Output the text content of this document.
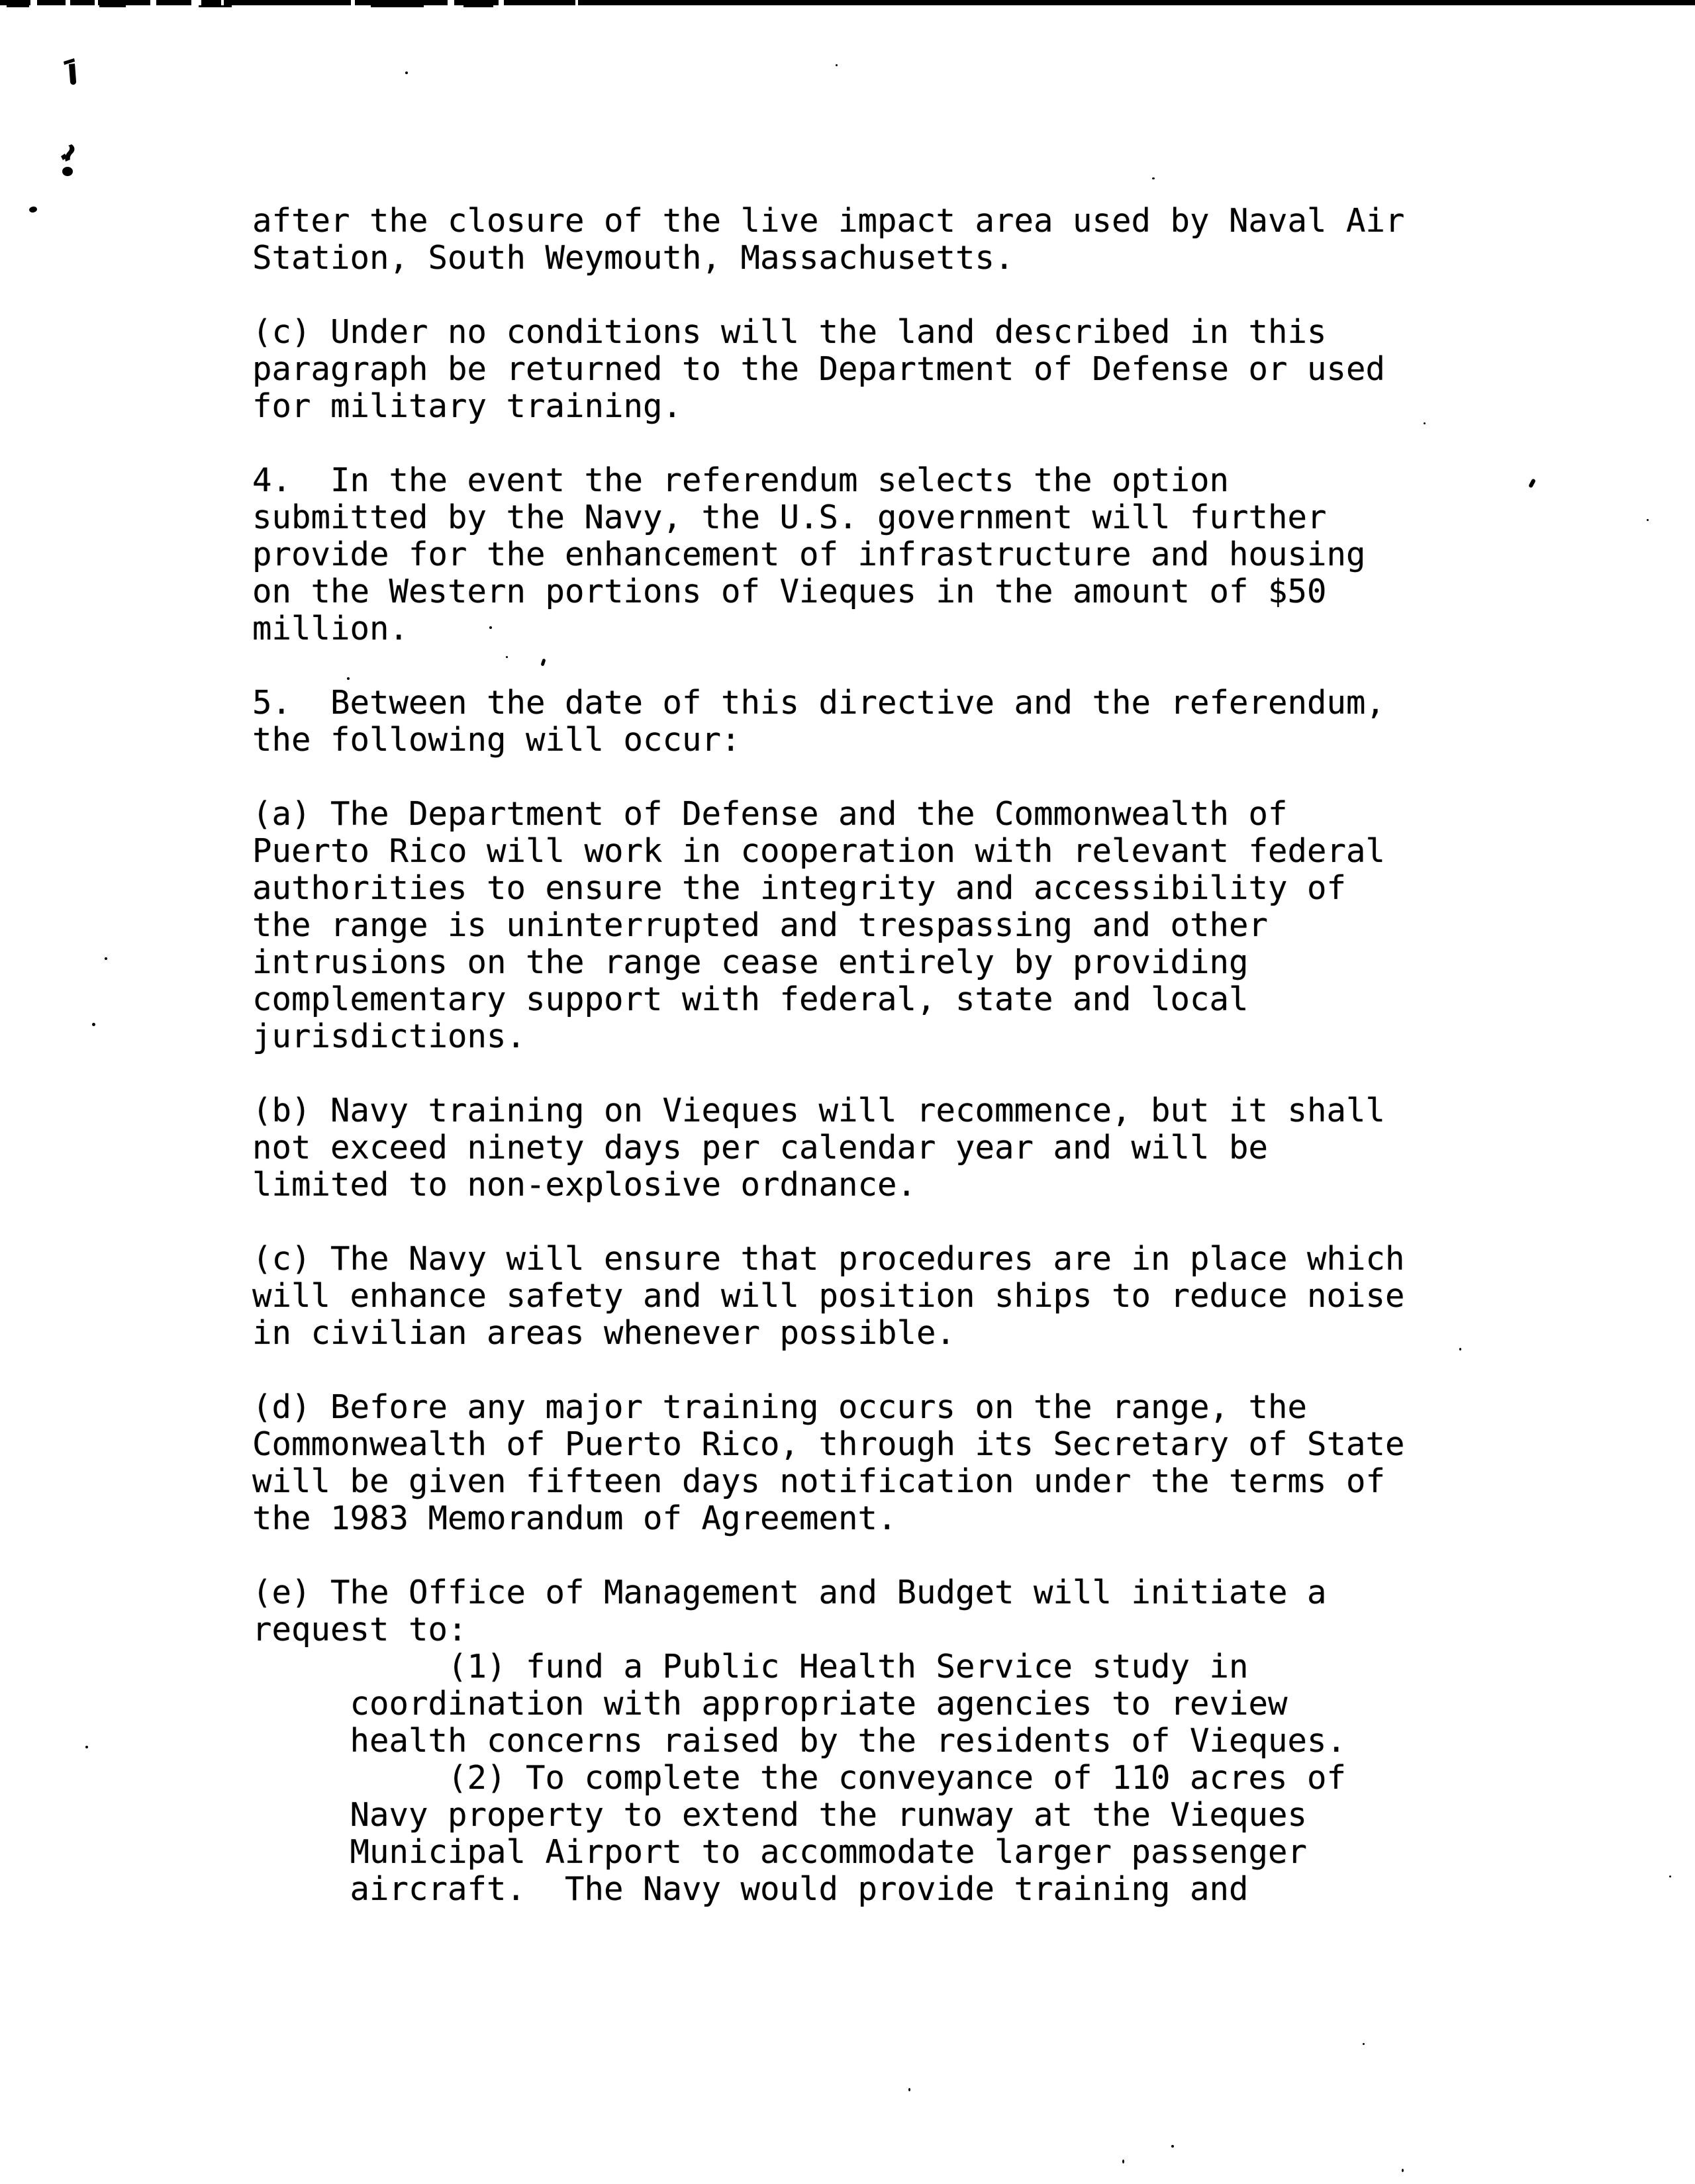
after the closure of the live impact area used by Naval Air
Station, South Weymouth, Massachusetts.
(c) Under no conditions will the land described in this
paragraph be returned to the Department of Defense or used
for military training.
4.  In the event the referendum selects the option
submitted by the Navy, the U.S. government will further
provide for the enhancement of infrastructure and housing
on the Western portions of Vieques in the amount of $50
million.
5.  Between the date of this directive and the referendum,
the following will occur:
(a) The Department of Defense and the Commonwealth of
Puerto Rico will work in cooperation with relevant federal
authorities to ensure the integrity and accessibility of
the range is uninterrupted and trespassing and other
intrusions on the range cease entirely by providing
complementary support with federal, state and local
jurisdictions.
(b) Navy training on Vieques will recommence, but it shall
not exceed ninety days per calendar year and will be
limited to non-explosive ordnance.
(c) The Navy will ensure that procedures are in place which
will enhance safety and will position ships to reduce noise
in civilian areas whenever possible.
(d) Before any major training occurs on the range, the
Commonwealth of Puerto Rico, through its Secretary of State
will be given fifteen days notification under the terms of
the 1983 Memorandum of Agreement.
(e) The Office of Management and Budget will initiate a
request to:
(1) fund a Public Health Service study in
coordination with appropriate agencies to review
health concerns raised by the residents of Vieques.
(2) To complete the conveyance of 110 acres of
Navy property to extend the runway at the Vieques
Municipal Airport to accommodate larger passenger
aircraft.  The Navy would provide training and
